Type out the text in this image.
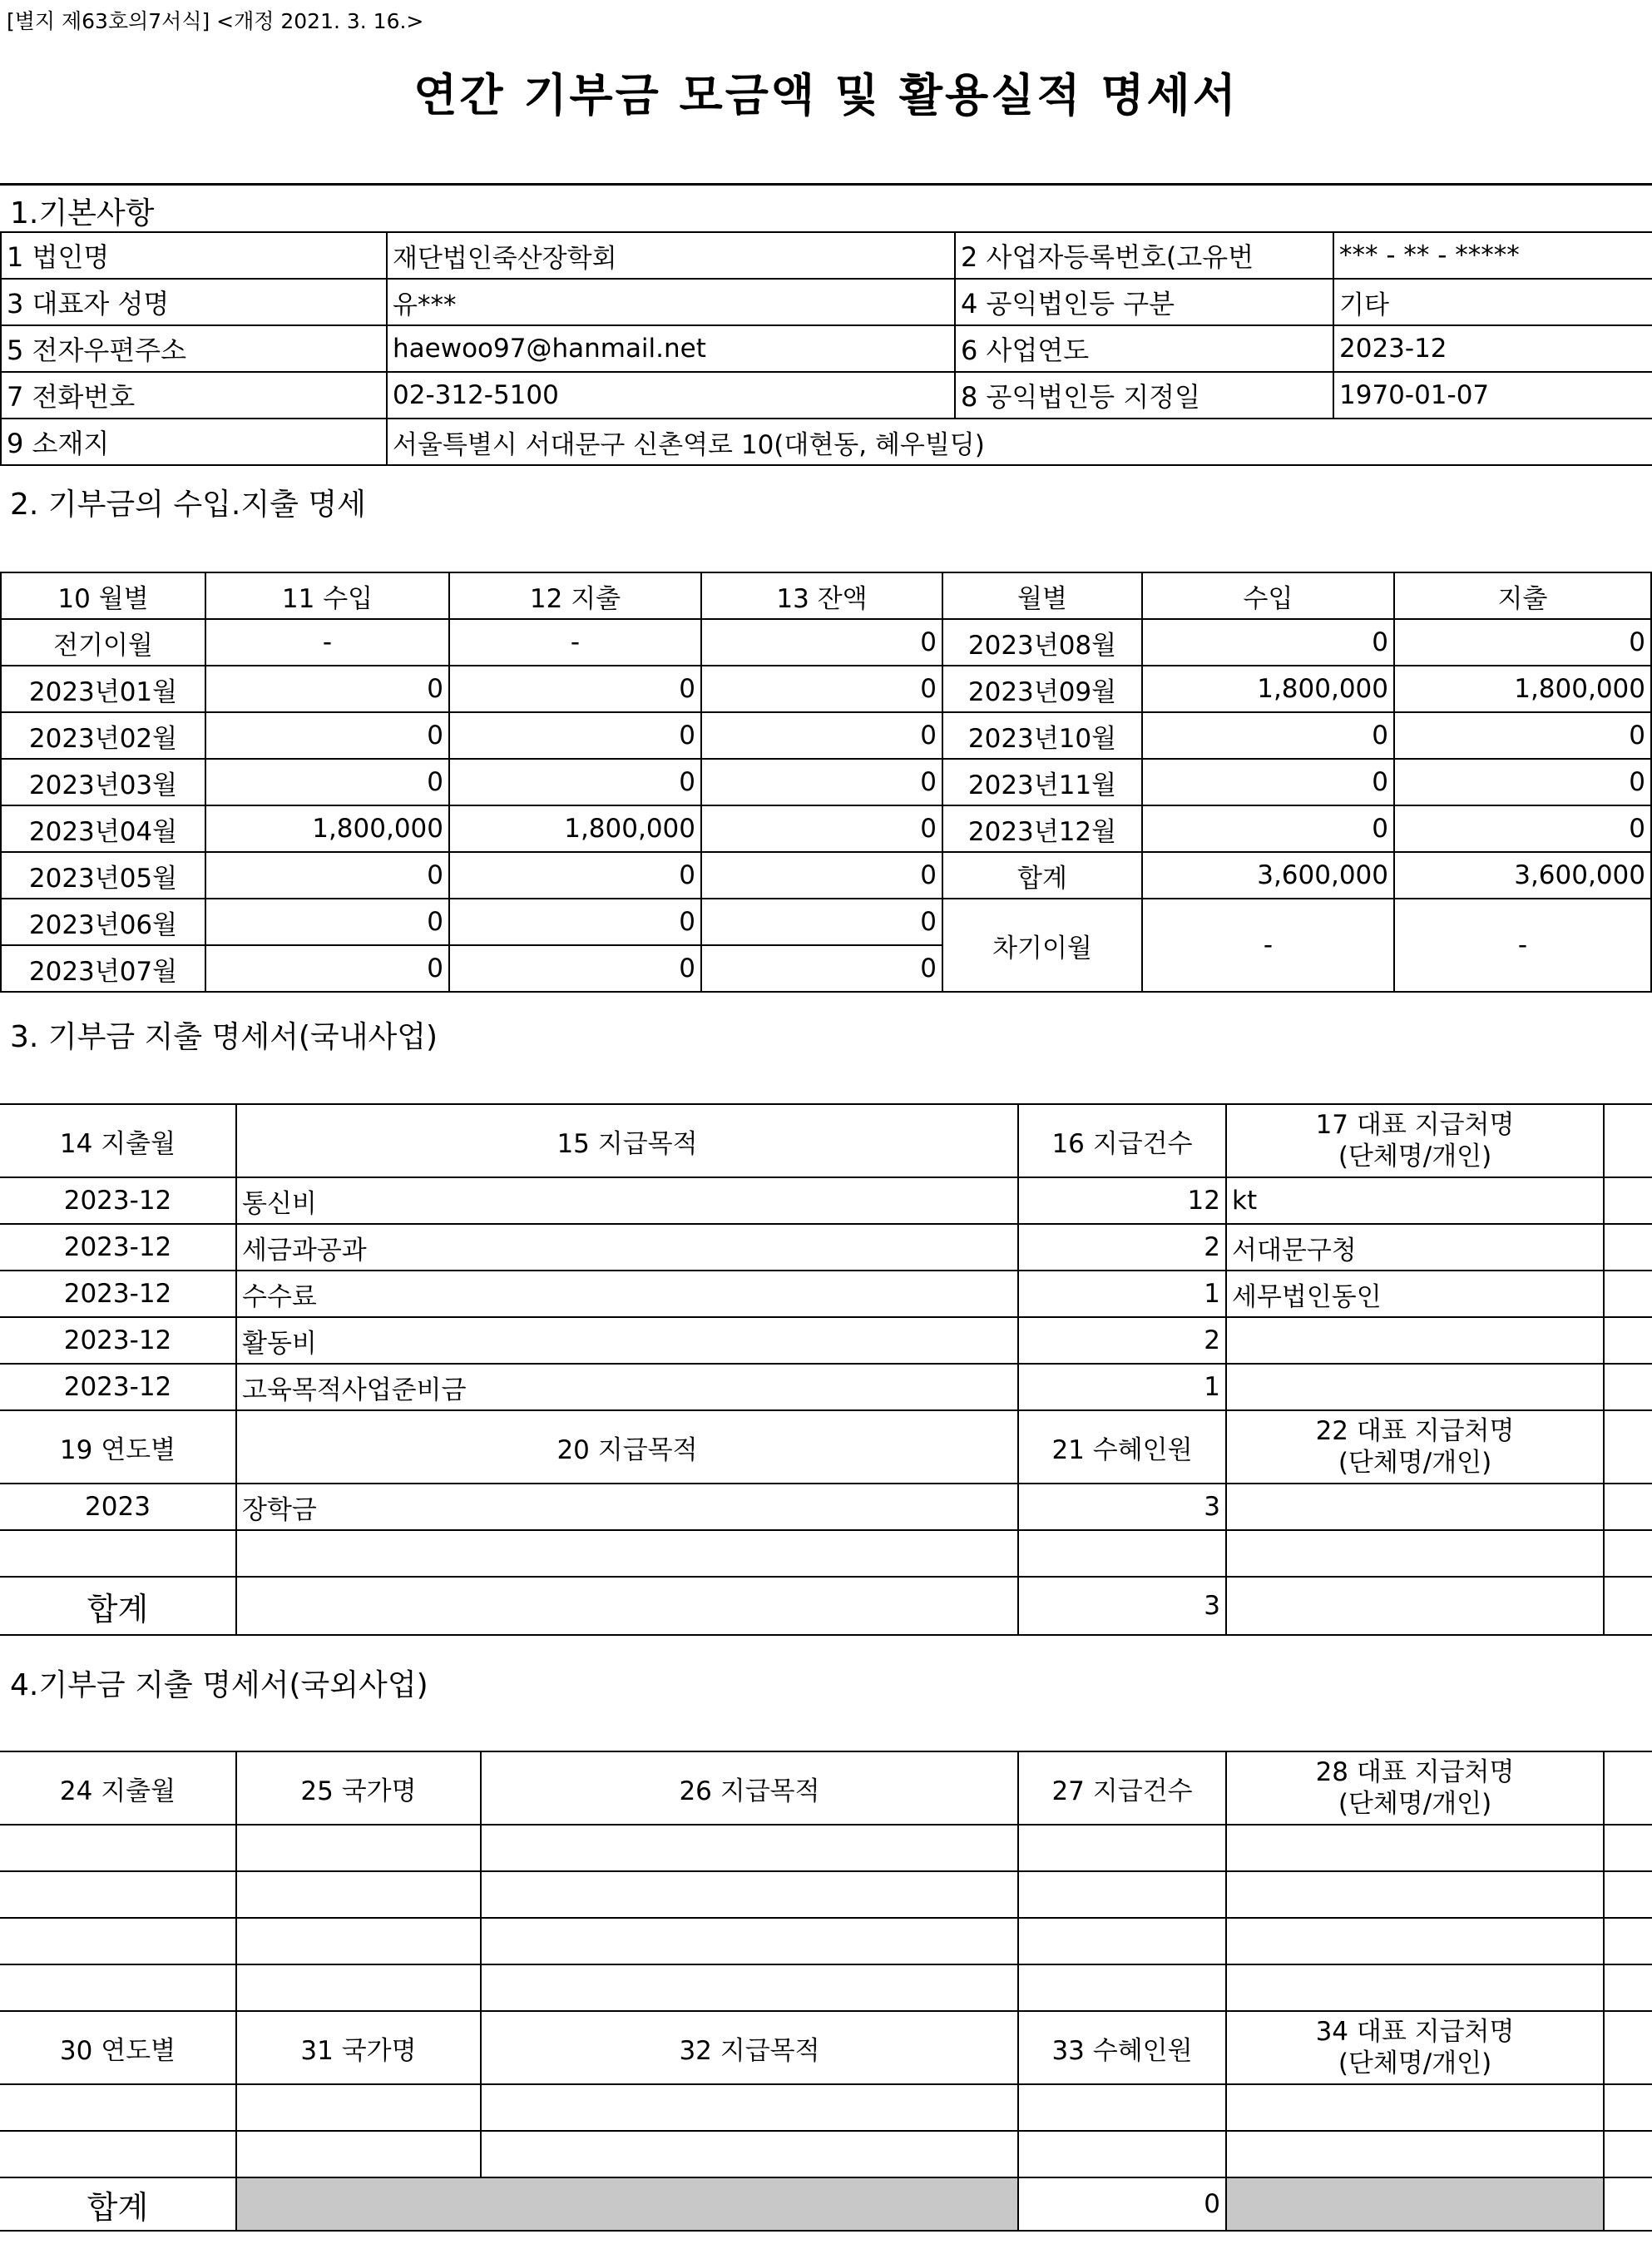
[별지 제63호의7서식] <개정 2021. 3. 16.>
연간 기부금 모금액 및 활용실적 명세서
1.기본사항
1 법인명	재단법인죽산장학회	2 사업자등록번호(고유번	*** - ** - *****
3 대표자 성명	유***	4 공익법인등 구분	기타
5 전자우편주소	haewoo97@hanmail.net	6 사업연도	2023-12
7 전화번호	02-312-5100	8 공익법인등 지정일	1970-01-07
9 소재지	서울특별시 서대문구 신촌역로 10(대현동, 혜우빌딩)		
2. 기부금의 수입.지출 명세
10 월별	11 수입	12 지출	13 잔액	월별	수입	지출
전기이월	-	-	0	2023년08월	0	0
2023년01월	0	0	0	2023년09월	1,800,000	1,800,000
2023년02월	0	0	0	2023년10월	0	0
2023년03월	0	0	0	2023년11월	0	0
2023년04월	1,800,000	1,800,000	0	2023년12월	0	0
2023년05월	0	0	0	합계	3,600,000	3,600,000
2023년06월	0	0	0	차기이월	-	-
2023년07월	0	0	0			
3. 기부금 지출 명세서(국내사업)
14 지출월	15 지급목적	16 지급건수	17 대표 지급처명
(단체명/개인)	
2023-12	통신비	12	kt	
2023-12	세금과공과	2	서대문구청	
2023-12	수수료	1	세무법인동인	
2023-12	활동비	2		
2023-12	고육목적사업준비금	1		
19 연도별	20 지급목적	21 수혜인원	22 대표 지급처명
(단체명/개인)	
2023	장학금	3		

합계		3		
4.기부금 지출 명세서(국외사업)
24 지출월	25 국가명	26 지급목적	27 지급건수	28 대표 지급처명
(단체명/개인)	

30 연도별	31 국가명	32 지급목적	33 수혜인원	34 대표 지급처명
(단체명/개인)	

합계			0		
